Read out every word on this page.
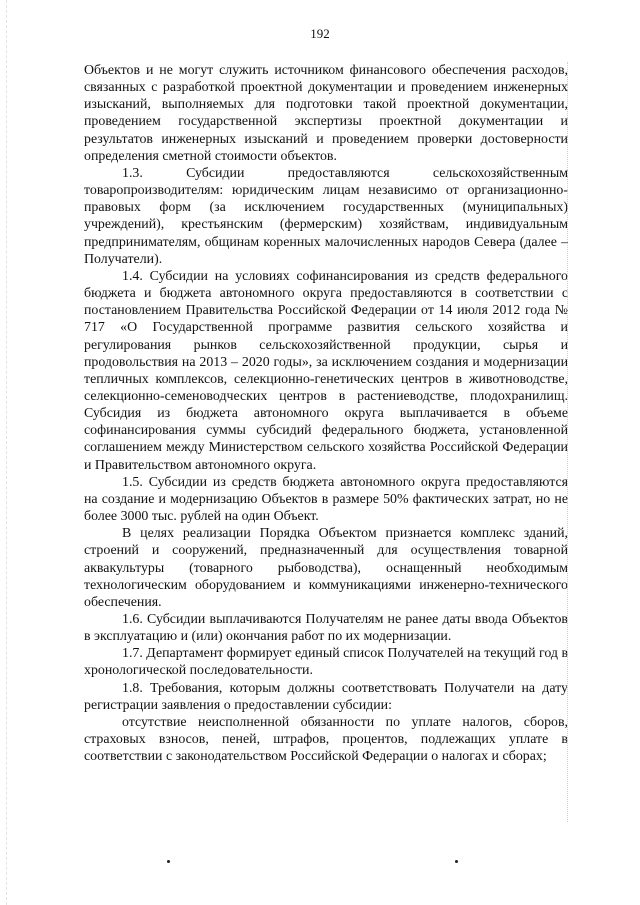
192

Объектов и не могут служить источником финансового обеспечения расходов, связанных с разработкой проектной документации и проведением инженерных изысканий, выполняемых для подготовки такой проектной документации, проведением государственной экспертизы проектной документации и результатов инженерных изысканий и проведением проверки достоверности определения сметной стоимости объектов.

1.3. Субсидии предоставляются сельскохозяйственным товаропроизводителям: юридическим лицам независимо от организационно-правовых форм (за исключением государственных (муниципальных) учреждений), крестьянским (фермерским) хозяйствам, индивидуальным предпринимателям, общинам коренных малочисленных народов Севера (далее – Получатели).

1.4. Субсидии на условиях софинансирования из средств федерального бюджета и бюджета автономного округа предоставляются в соответствии с постановлением Правительства Российской Федерации от 14 июля 2012 года № 717 «О Государственной программе развития сельского хозяйства и регулирования рынков сельскохозяйственной продукции, сырья и продовольствия на 2013 – 2020 годы», за исключением создания и модернизации тепличных комплексов, селекционно-генетических центров в животноводстве, селекционно-семеноводческих центров в растениеводстве, плодохранилищ. Субсидия из бюджета автономного округа выплачивается в объеме софинансирования суммы субсидий федерального бюджета, установленной соглашением между Министерством сельского хозяйства Российской Федерации и Правительством автономного округа.

1.5. Субсидии из средств бюджета автономного округа предоставляются на создание и модернизацию Объектов в размере 50% фактических затрат, но не более 3000 тыс. рублей на один Объект.

В целях реализации Порядка Объектом признается комплекс зданий, строений и сооружений, предназначенный для осуществления товарной аквакультуры (товарного рыбоводства), оснащенный необходимым технологическим оборудованием и коммуникациями инженерно-технического обеспечения.

1.6. Субсидии выплачиваются Получателям не ранее даты ввода Объектов в эксплуатацию и (или) окончания работ по их модернизации.

1.7. Департамент формирует единый список Получателей на текущий год в хронологической последовательности.

1.8. Требования, которым должны соответствовать Получатели на дату регистрации заявления о предоставлении субсидии:

отсутствие неисполненной обязанности по уплате налогов, сборов, страховых взносов, пеней, штрафов, процентов, подлежащих уплате в соответствии с законодательством Российской Федерации о налогах и сборах;
